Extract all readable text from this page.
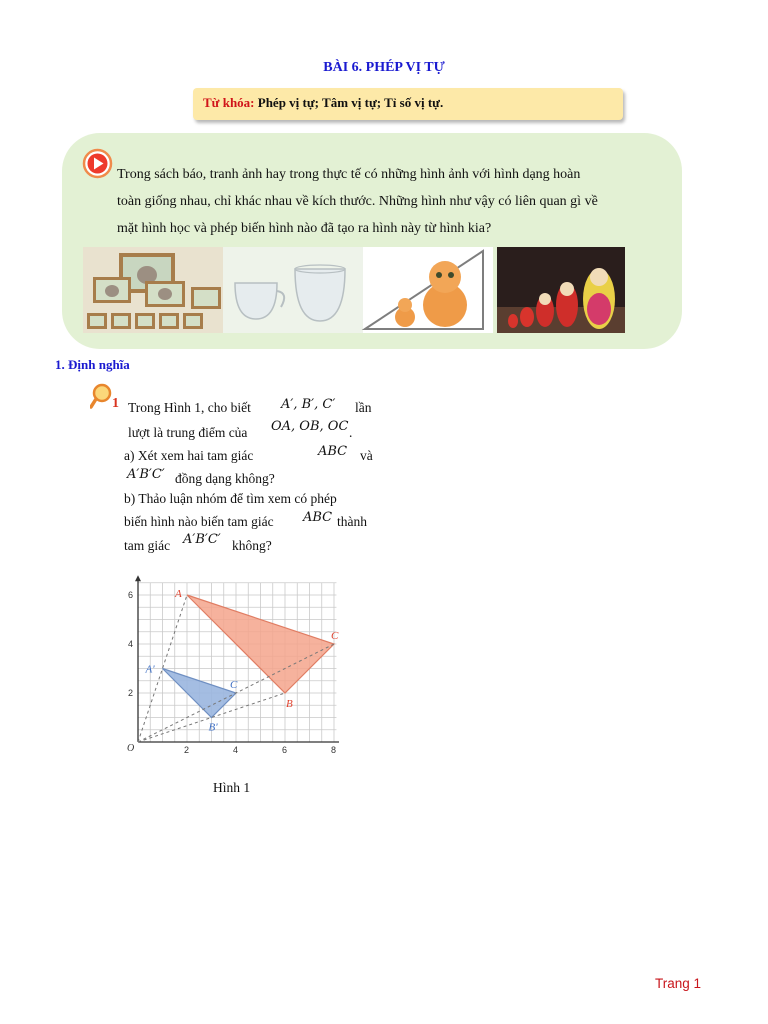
BÀI 6. PHÉP VỊ TỰ
Từ khóa: Phép vị tự; Tâm vị tự; Tỉ số vị tự.
Trong sách báo, tranh ảnh hay trong thực tế có những hình ảnh với hình dạng hoàn
toàn giống nhau, chỉ khác nhau về kích thước. Những hình như vậy có liên quan gì về
mặt hình học và phép biến hình nào đã tạo ra hình này từ hình kia?
1. Định nghĩa
1 Trong Hình 1, cho biết A′, B′, C′ lần
lượt là trung điểm của OA, OB, OC .
a) Xét xem hai tam giác	ABC và
A′B′C′ đồng dạng không?
b) Thảo luận nhóm để tìm xem có phép
biến hình nào biến tam giác ABC thành
tam giác A′B′C′ không?
2	4	6	8
2
4
6
O
A
B
C
A'
B'
C
Hình 1
Trang 1
